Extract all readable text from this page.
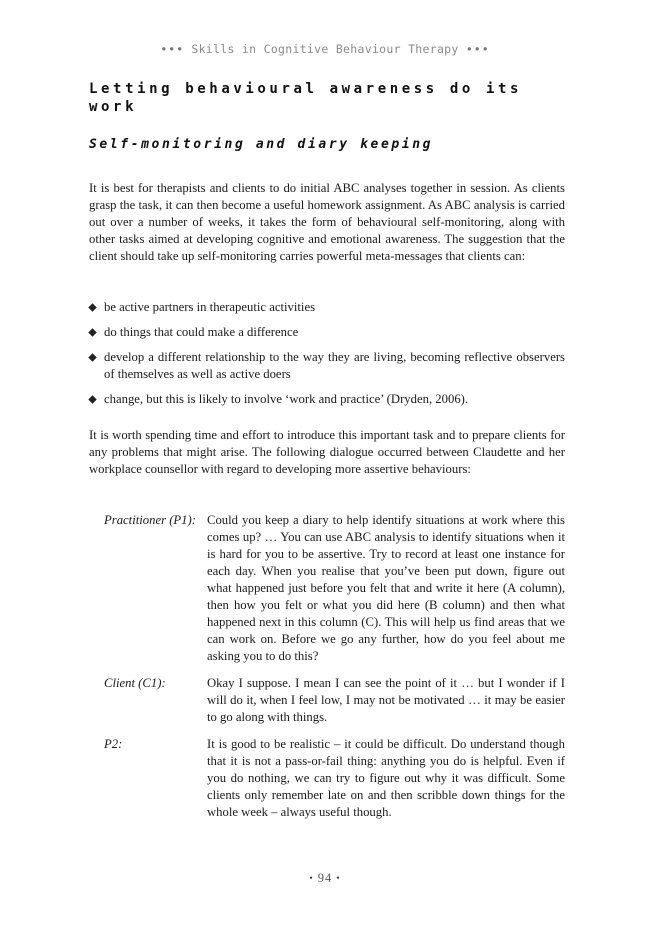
••• Skills in Cognitive Behaviour Therapy •••
Letting behavioural awareness do its work
Self-monitoring and diary keeping

It is best for therapists and clients to do initial ABC analyses together in session. As clients grasp the task, it can then become a useful homework assignment. As ABC analysis is carried out over a number of weeks, it takes the form of behavioural self-monitoring, along with other tasks aimed at developing cognitive and emotional awareness. The suggestion that the client should take up self-monitoring carries powerful meta-messages that clients can:

be active partners in therapeutic activities
do things that could make a difference
develop a different relationship to the way they are living, becoming reflective observers of themselves as well as active doers
change, but this is likely to involve ‘work and practice’ (Dryden, 2006).

It is worth spending time and effort to introduce this important task and to prepare clients for any problems that might arise. The following dialogue occurred between Claudette and her workplace counsellor with regard to developing more assertive behaviours:

Practitioner (P1): Could you keep a diary to help identify situations at work where this comes up? … You can use ABC analysis to identify situations when it is hard for you to be assertive. Try to record at least one instance for each day. When you realise that you’ve been put down, figure out what happened just before you felt that and write it here (A column), then how you felt or what you did here (B column) and then what happened next in this column (C). This will help us find areas that we can work on. Before we go any further, how do you feel about me asking you to do this?
Client (C1):	Okay I suppose. I mean I can see the point of it … but I wonder if I will do it, when I feel low, I may not be motivated … it may be easier to go along with things.
P2:	It is good to be realistic – it could be difficult. Do understand though that it is not a pass-or-fail thing: anything you do is helpful. Even if you do nothing, we can try to figure out why it was difficult. Some clients only remember late on and then scribble down things for the whole week – always useful though.
• 94 •
